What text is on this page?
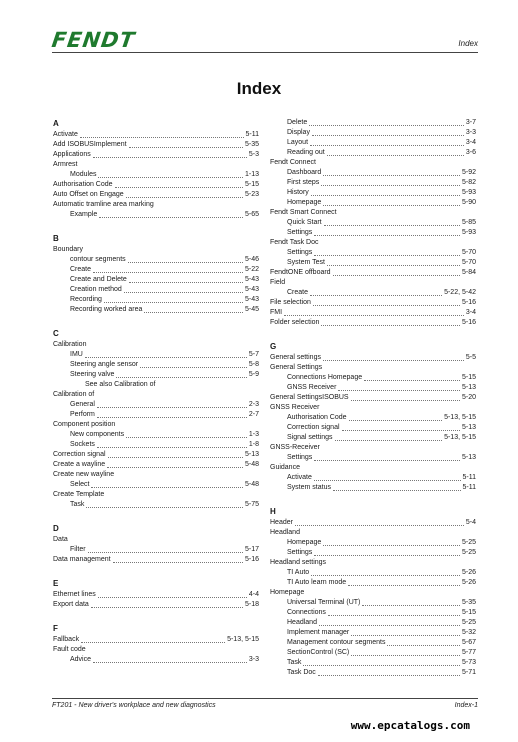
FENDT	Index
Index
A
Activate	5-11
Add ISOBUSImplement	5-35
Applications	5-3
Armrest
Modules	1-13
Authorisation Code	5-15
Auto Offset on Engage	5-23
Automatic tramline area marking
Example	5-65
B
Boundary
contour segments	5-46
Create	5-22
Create and Delete	5-43
Creation method	5-43
Recording	5-43
Recording worked area	5-45
C
Calibration
IMU	5-7
Steering angle sensor	5-8
Steering valve	5-9
See also Calibration of
Calibration of
General	2-3
Perform	2-7
Component position
New components	1-3
Sockets	1-8
Correction signal	5-13
Create a wayline	5-48
Create new wayline
Select	5-48
Create Template
Task	5-75
D
Data
Filter	5-17
Data management	5-16
E
Ethernet lines	4-4
Export data	5-18
F
Fallback	5-13, 5-15
Fault code
Advice	3-3
Delete	3-7
Display	3-3
Layout	3-4
Reading out	3-6
Fendt Connect
Dashboard	5-92
First steps	5-82
History	5-93
Homepage	5-90
Fendt Smart Connect
Quick Start	5-85
Settings	5-93
Fendt Task Doc
Settings	5-70
System Test	5-70
FendtONE offboard	5-84
Field
Create	5-22, 5-42
File selection	5-16
FMI	3-4
Folder selection	5-16
G
General settings	5-5
General Settings
Connections Homepage	5-15
GNSS Receiver	5-13
General SettingsISOBUS	5-20
GNSS Receiver
Authorisation Code	5-13, 5-15
Correction signal	5-13
Signal settings	5-13, 5-15
GNSS-Receiver
Settings	5-13
Guidance
Activate	5-11
System status	5-11
H
Header	5-4
Headland
Homepage	5-25
Settings	5-25
Headland settings
TI Auto	5-26
TI Auto learn mode	5-26
Homepage
Universal Terminal (UT)	5-35
Connections	5-15
Headland	5-25
Implement manager	5-32
Management contour segments	5-67
SectionControl (SC)	5-77
Task	5-73
Task Doc	5-71
FT201 - New driver's workplace and new diagnostics	Index-1
www.epcatalogs.com
